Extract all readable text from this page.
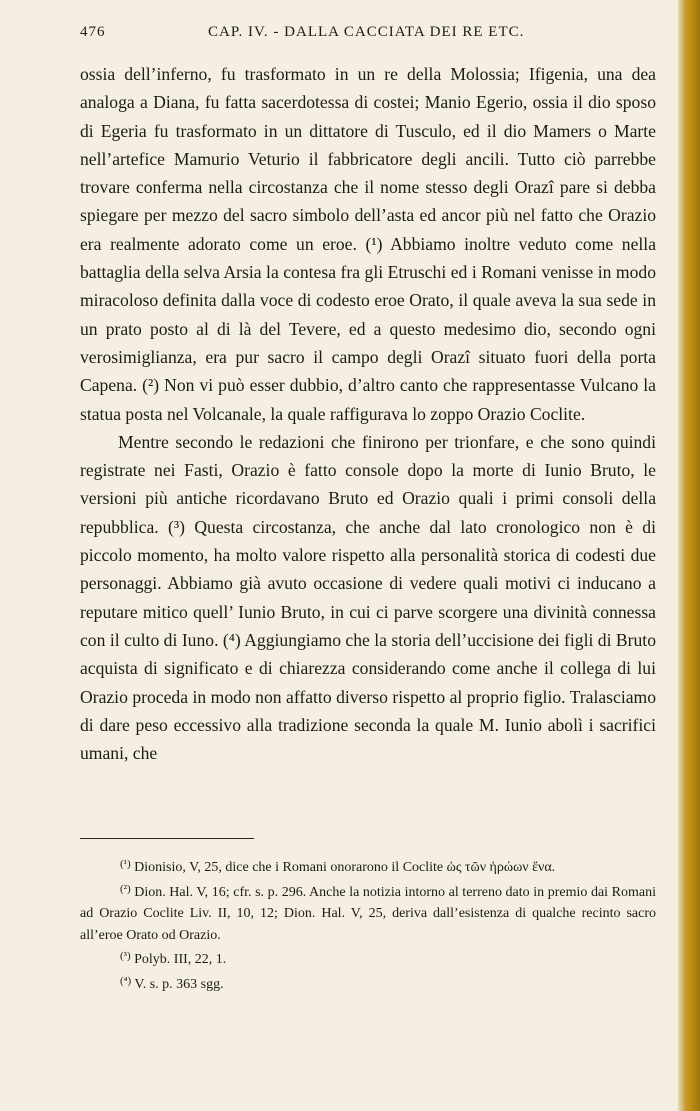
476	CAP. IV. - DALLA CACCIATA DEI RE ETC.

ossia dell’inferno, fu trasformato in un re della Molossia; Ifigenia, una dea analoga a Diana, fu fatta sacerdotessa di costei; Manio Egerio, ossia il dio sposo di Egeria fu trasformato in un dittatore di Tusculo, ed il dio Mamers o Marte nell’artefice Mamurio Veturio il fabbricatore degli ancili. Tutto ciò parrebbe trovare conferma nella circostanza che il nome stesso degli Orazî pare si debba spiegare per mezzo del sacro simbolo dell’asta ed ancor più nel fatto che Orazio era realmente adorato come un eroe. (¹) Abbiamo inoltre veduto come nella battaglia della selva Arsia la contesa fra gli Etruschi ed i Romani venisse in modo miracoloso definita dalla voce di codesto eroe Orato, il quale aveva la sua sede in un prato posto al di là del Tevere, ed a questo medesimo dio, secondo ogni verosimiglianza, era pur sacro il campo degli Orazî situato fuori della porta Capena. (²) Non vi può esser dubbio, d’altro canto che rappresentasse Vulcano la statua posta nel Volcanale, la quale raffigurava lo zoppo Orazio Coclite.

Mentre secondo le redazioni che finirono per trionfare, e che sono quindi registrate nei Fasti, Orazio è fatto console dopo la morte di Iunio Bruto, le versioni più antiche ricordavano Bruto ed Orazio quali i primi consoli della repubblica. (³) Questa circostanza, che anche dal lato cronologico non è di piccolo momento, ha molto valore rispetto alla personalità storica di codesti due personaggi. Abbiamo già avuto occasione di vedere quali motivi ci inducano a reputare mitico quell’ Iunio Bruto, in cui ci parve scorgere una divinità connessa con il culto di Iuno. (⁴) Aggiungiamo che la storia dell’uccisione dei figli di Bruto acquista di significato e di chiarezza considerando come anche il collega di lui Orazio proceda in modo non affatto diverso rispetto al proprio figlio. Tralasciamo di dare peso eccessivo alla tradizione seconda la quale M. Iunio abolì i sacrifici umani, che

$^{(^1)}$ Dionisio, V, 25, dice che i Romani onorarono il Coclite ὡς τῶν ἡρώων ἕνα.

$^{(^2)}$ Dion. Hal. V, 16; cfr. s. p. 296. Anche la notizia intorno al terreno dato in premio dai Romani ad Orazio Coclite Liv. II, 10, 12; Dion. Hal. V, 25, deriva dall’esistenza di qualche recinto sacro all’eroe Orato od Orazio.

$^{(^3)}$ Polyb. III, 22, 1.

$^{(^4)}$ V. s. p. 363 sgg.
